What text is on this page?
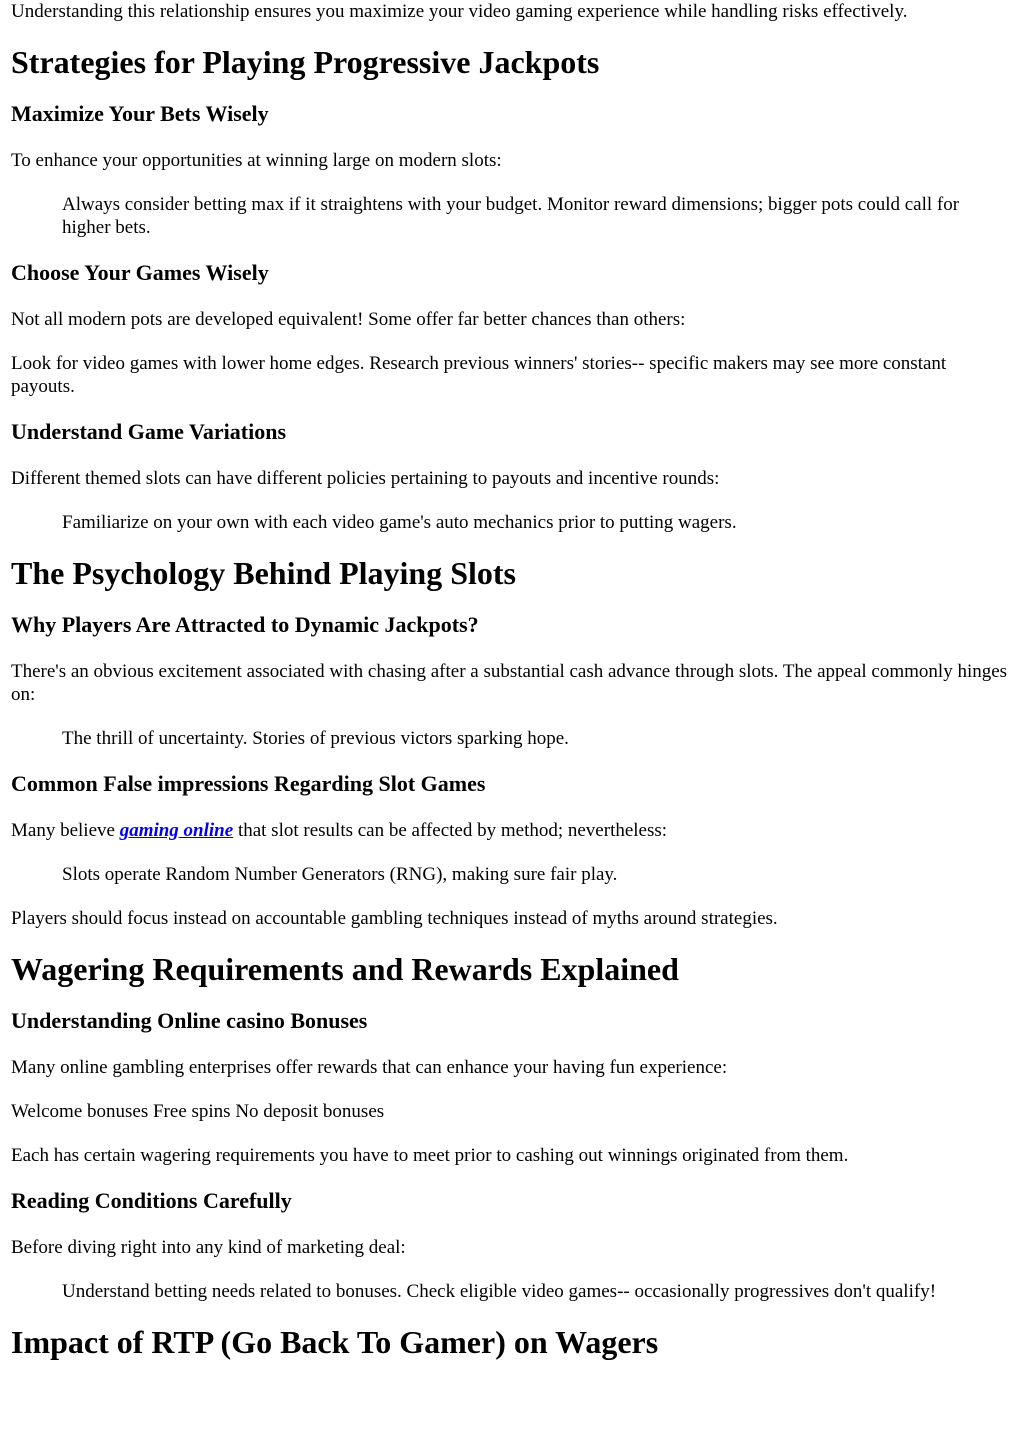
Understanding this relationship ensures you maximize your video gaming experience while handling risks effectively.

Strategies for Playing Progressive Jackpots
Maximize Your Bets Wisely

To enhance your opportunities at winning large on modern slots:

Always consider betting max if it straightens with your budget. Monitor reward dimensions; bigger pots could call for higher bets.
Choose Your Games Wisely

Not all modern pots are developed equivalent! Some offer far better chances than others:

Look for video games with lower home edges. Research previous winners' stories-- specific makers may see more constant payouts.

Understand Game Variations

Different themed slots can have different policies pertaining to payouts and incentive rounds:

Familiarize on your own with each video game's auto mechanics prior to putting wagers.
The Psychology Behind Playing Slots
Why Players Are Attracted to Dynamic Jackpots?

There's an obvious excitement associated with chasing after a substantial cash advance through slots. The appeal commonly hinges on:

The thrill of uncertainty. Stories of previous victors sparking hope.
Common False impressions Regarding Slot Games

Many believe gaming online that slot results can be affected by method; nevertheless:

Slots operate Random Number Generators (RNG), making sure fair play.

Players should focus instead on accountable gambling techniques instead of myths around strategies.

Wagering Requirements and Rewards Explained
Understanding Online casino Bonuses

Many online gambling enterprises offer rewards that can enhance your having fun experience:

Welcome bonuses Free spins No deposit bonuses

Each has certain wagering requirements you have to meet prior to cashing out winnings originated from them.

Reading Conditions Carefully

Before diving right into any kind of marketing deal:

Understand betting needs related to bonuses. Check eligible video games-- occasionally progressives don't qualify!
Impact of RTP (Go Back To Gamer) on Wagers
